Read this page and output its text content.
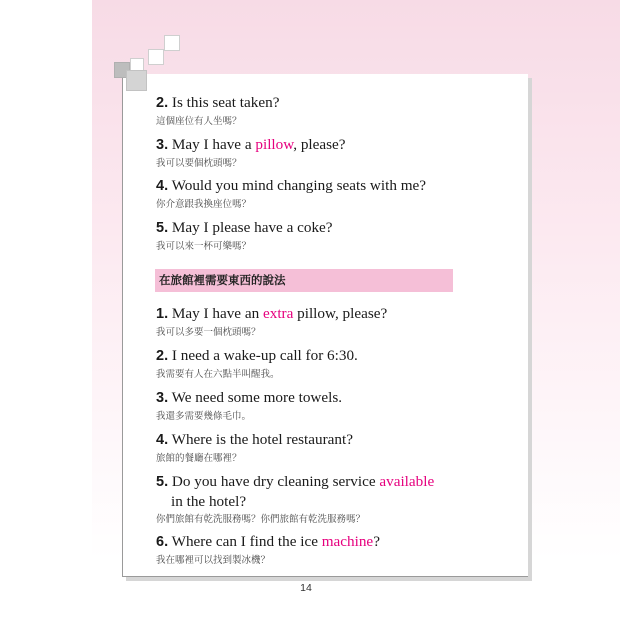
2. Is this seat taken?
這個座位有人坐嗎？
3. May I have a pillow, please?
我可以要個枕頭嗎？
4. Would you mind changing seats with me?
你介意跟我換座位嗎？
5. May I please have a coke?
我可以來一杯可樂嗎？
在旅館裡需要東西的說法
1. May I have an extra pillow, please?
我可以多要一個枕頭嗎？
2. I need a wake-up call for 6:30.
我需要有人在六點半叫醒我。
3. We need some more towels.
我還多需要幾條毛巾。
4. Where is the hotel restaurant?
旅館的餐廳在哪裡？
5. Do you have dry cleaning service available
in the hotel?
你們旅館有乾洗服務嗎？你們旅館有乾洗服務嗎？
6. Where can I find the ice machine?
我在哪裡可以找到製冰機？
14
